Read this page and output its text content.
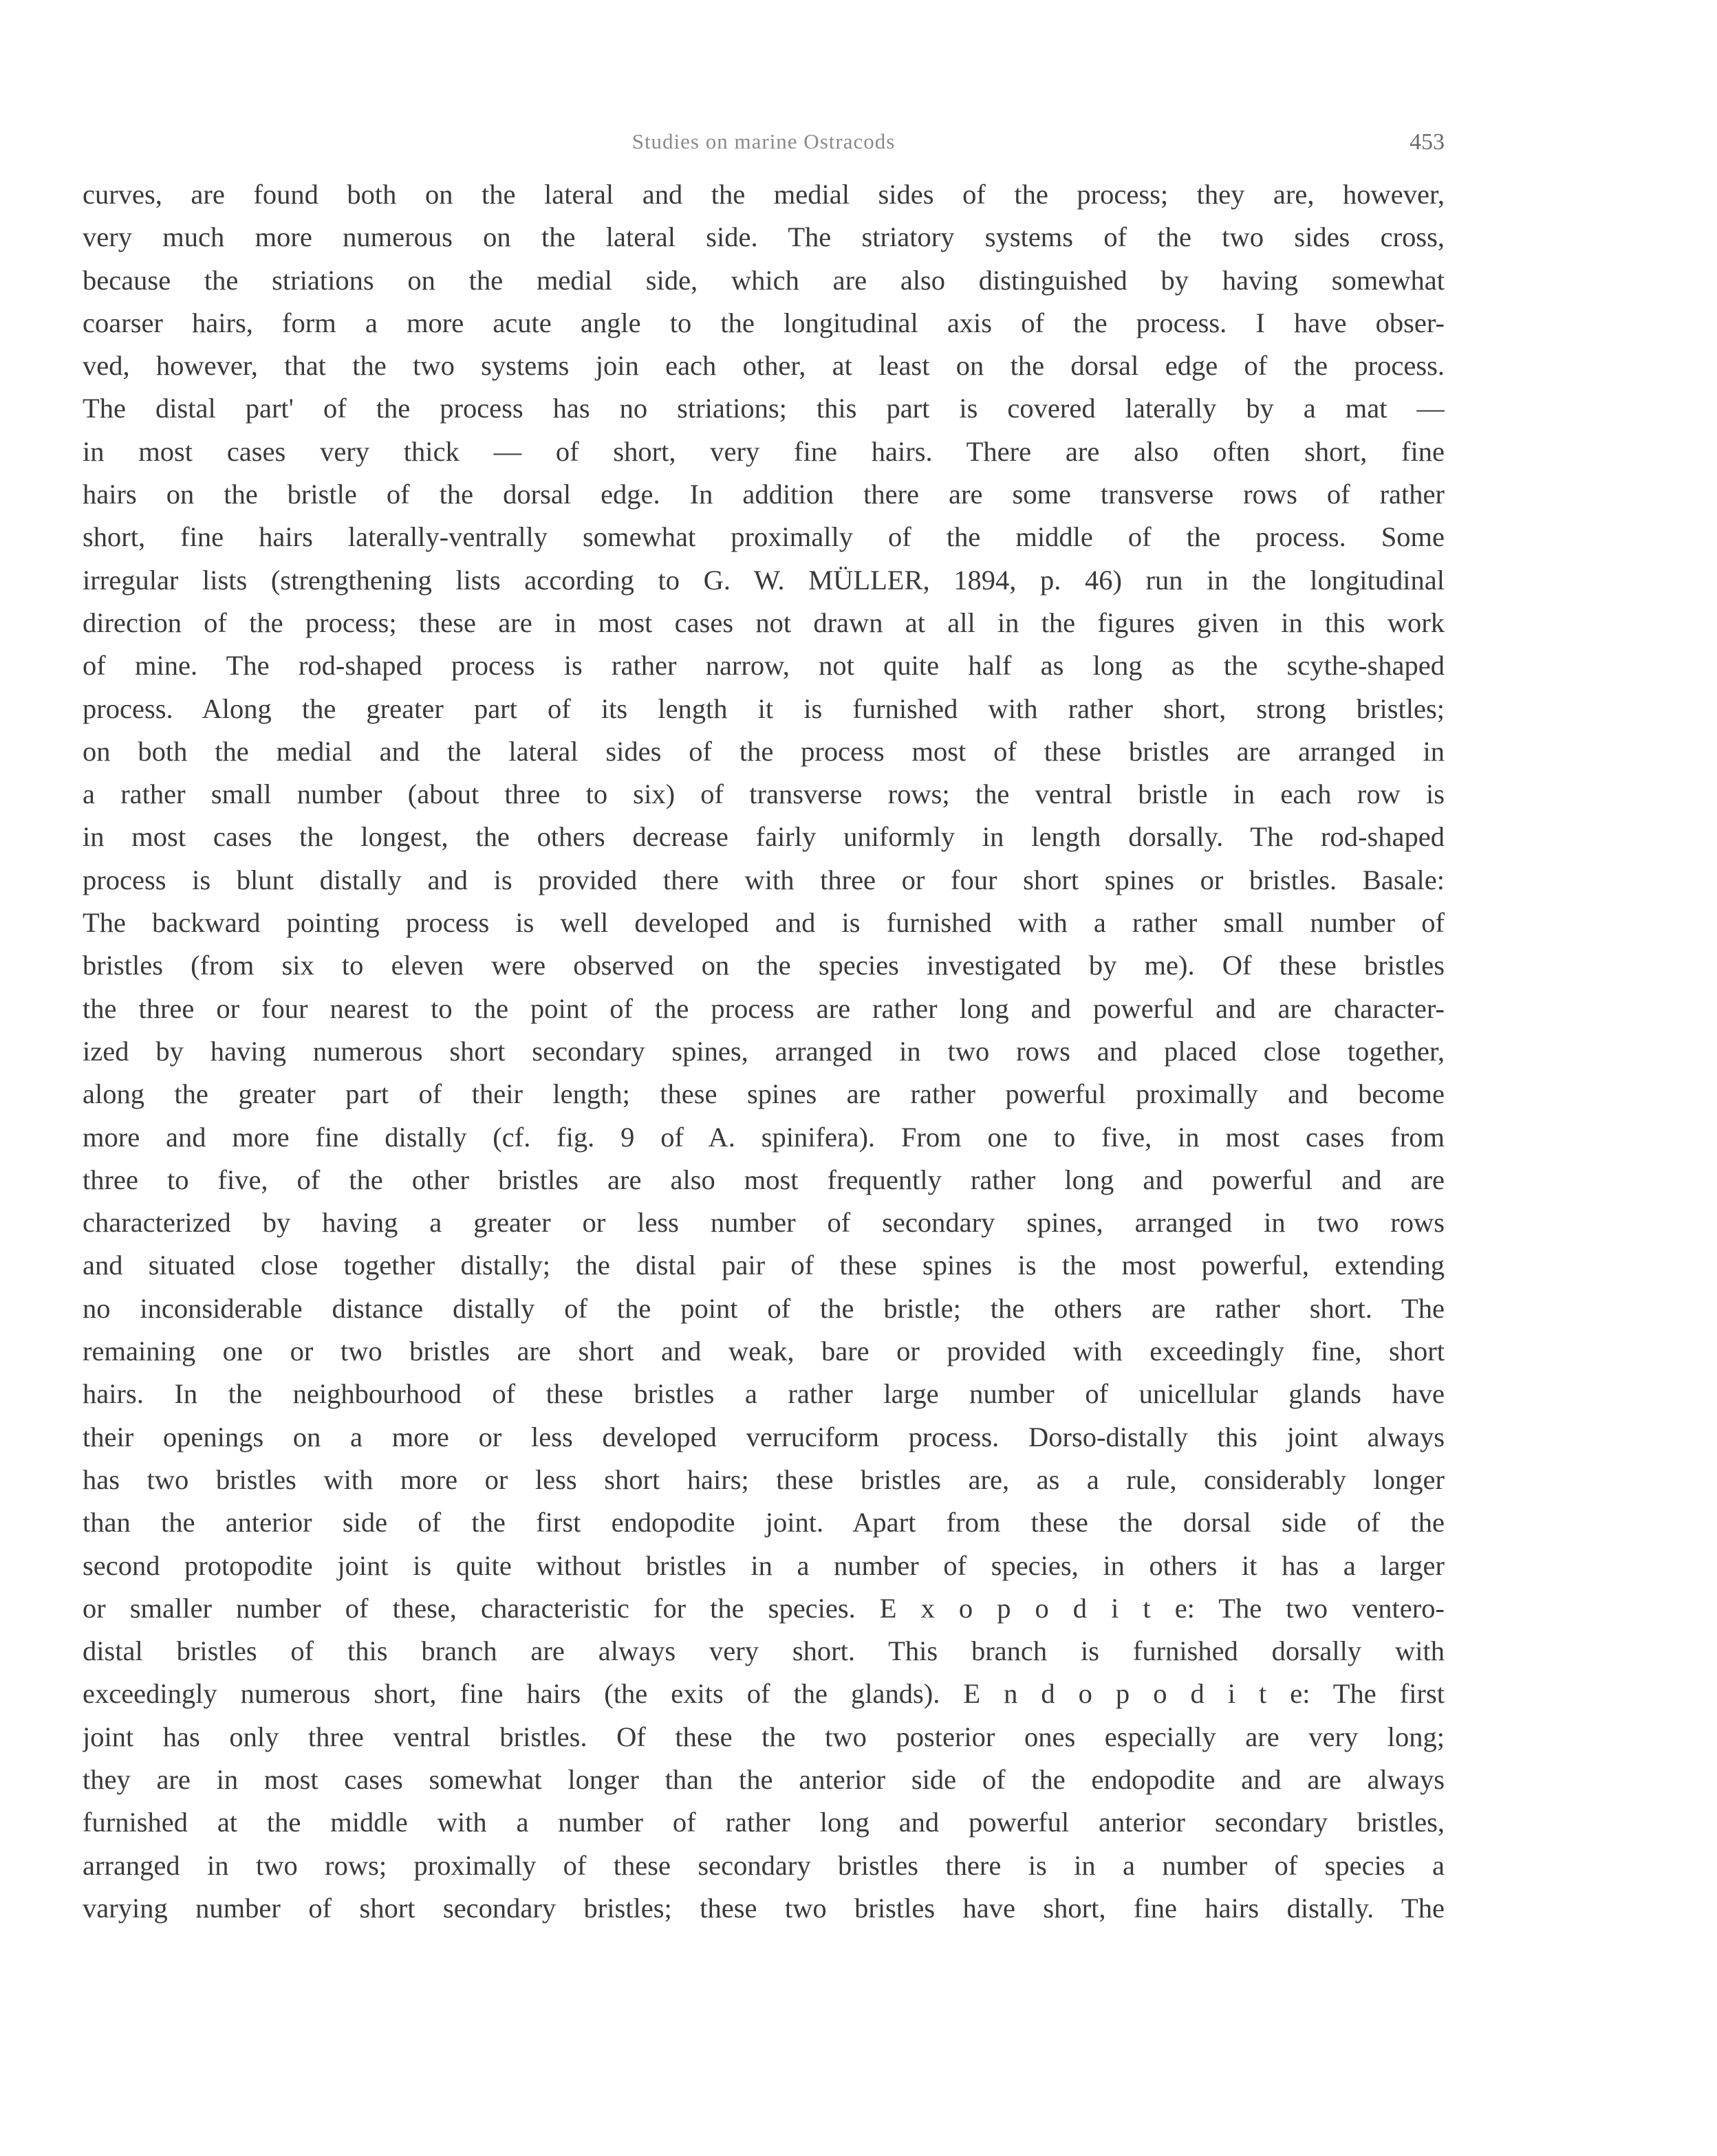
Studies on marine Ostracods	453
curves, are found both on the lateral and the medial sides of the process; they are, however,
very much more numerous on the lateral side. The striatory systems of the two sides cross,
because the striations on the medial side, which are also distinguished by having somewhat
coarser hairs, form a more acute angle to the longitudinal axis of the process. I have obser-
ved, however, that the two systems join each other, at least on the dorsal edge of the process.
The distal part' of the process has no striations; this part is covered laterally by a mat —
in most cases very thick — of short, very fine hairs. There are also often short, fine
hairs on the bristle of the dorsal edge. In addition there are some transverse rows of rather
short, fine hairs laterally-ventrally somewhat proximally of the middle of the process. Some
irregular lists (strengthening lists according to G. W. MÜLLER, 1894, p. 46) run in the longitudinal
direction of the process; these are in most cases not drawn at all in the figures given in this work
of mine. The rod-shaped process is rather narrow, not quite half as long as the scythe-shaped
process. Along the greater part of its length it is furnished with rather short, strong bristles;
on both the medial and the lateral sides of the process most of these bristles are arranged in
a rather small number (about three to six) of transverse rows; the ventral bristle in each row is
in most cases the longest, the others decrease fairly uniformly in length dorsally. The rod-shaped
process is blunt distally and is provided there with three or four short spines or bristles. Basale:
The backward pointing process is well developed and is furnished with a rather small number of
bristles (from six to eleven were observed on the species investigated by me). Of these bristles
the three or four nearest to the point of the process are rather long and powerful and are character-
ized by having numerous short secondary spines, arranged in two rows and placed close together,
along the greater part of their length; these spines are rather powerful proximally and become
more and more fine distally (cf. fig. 9 of A. spinifera). From one to five, in most cases from
three to five, of the other bristles are also most frequently rather long and powerful and are
characterized by having a greater or less number of secondary spines, arranged in two rows
and situated close together distally; the distal pair of these spines is the most powerful, extending
no inconsiderable distance distally of the point of the bristle; the others are rather short. The
remaining one or two bristles are short and weak, bare or provided with exceedingly fine, short
hairs. In the neighbourhood of these bristles a rather large number of unicellular glands have
their openings on a more or less developed verruciform process. Dorso-distally this joint always
has two bristles with more or less short hairs; these bristles are, as a rule, considerably longer
than the anterior side of the first endopodite joint. Apart from these the dorsal side of the
second protopodite joint is quite without bristles in a number of species, in others it has a larger
or smaller number of these, characteristic for the species. E x o p o d i t e: The two ventero-
distal bristles of this branch are always very short. This branch is furnished dorsally with
exceedingly numerous short, fine hairs (the exits of the glands). E n d o p o d i t e: The first
joint has only three ventral bristles. Of these the two posterior ones especially are very long;
they are in most cases somewhat longer than the anterior side of the endopodite and are always
furnished at the middle with a number of rather long and powerful anterior secondary bristles,
arranged in two rows; proximally of these secondary bristles there is in a number of species a
varying number of short secondary bristles; these two bristles have short, fine hairs distally. The
